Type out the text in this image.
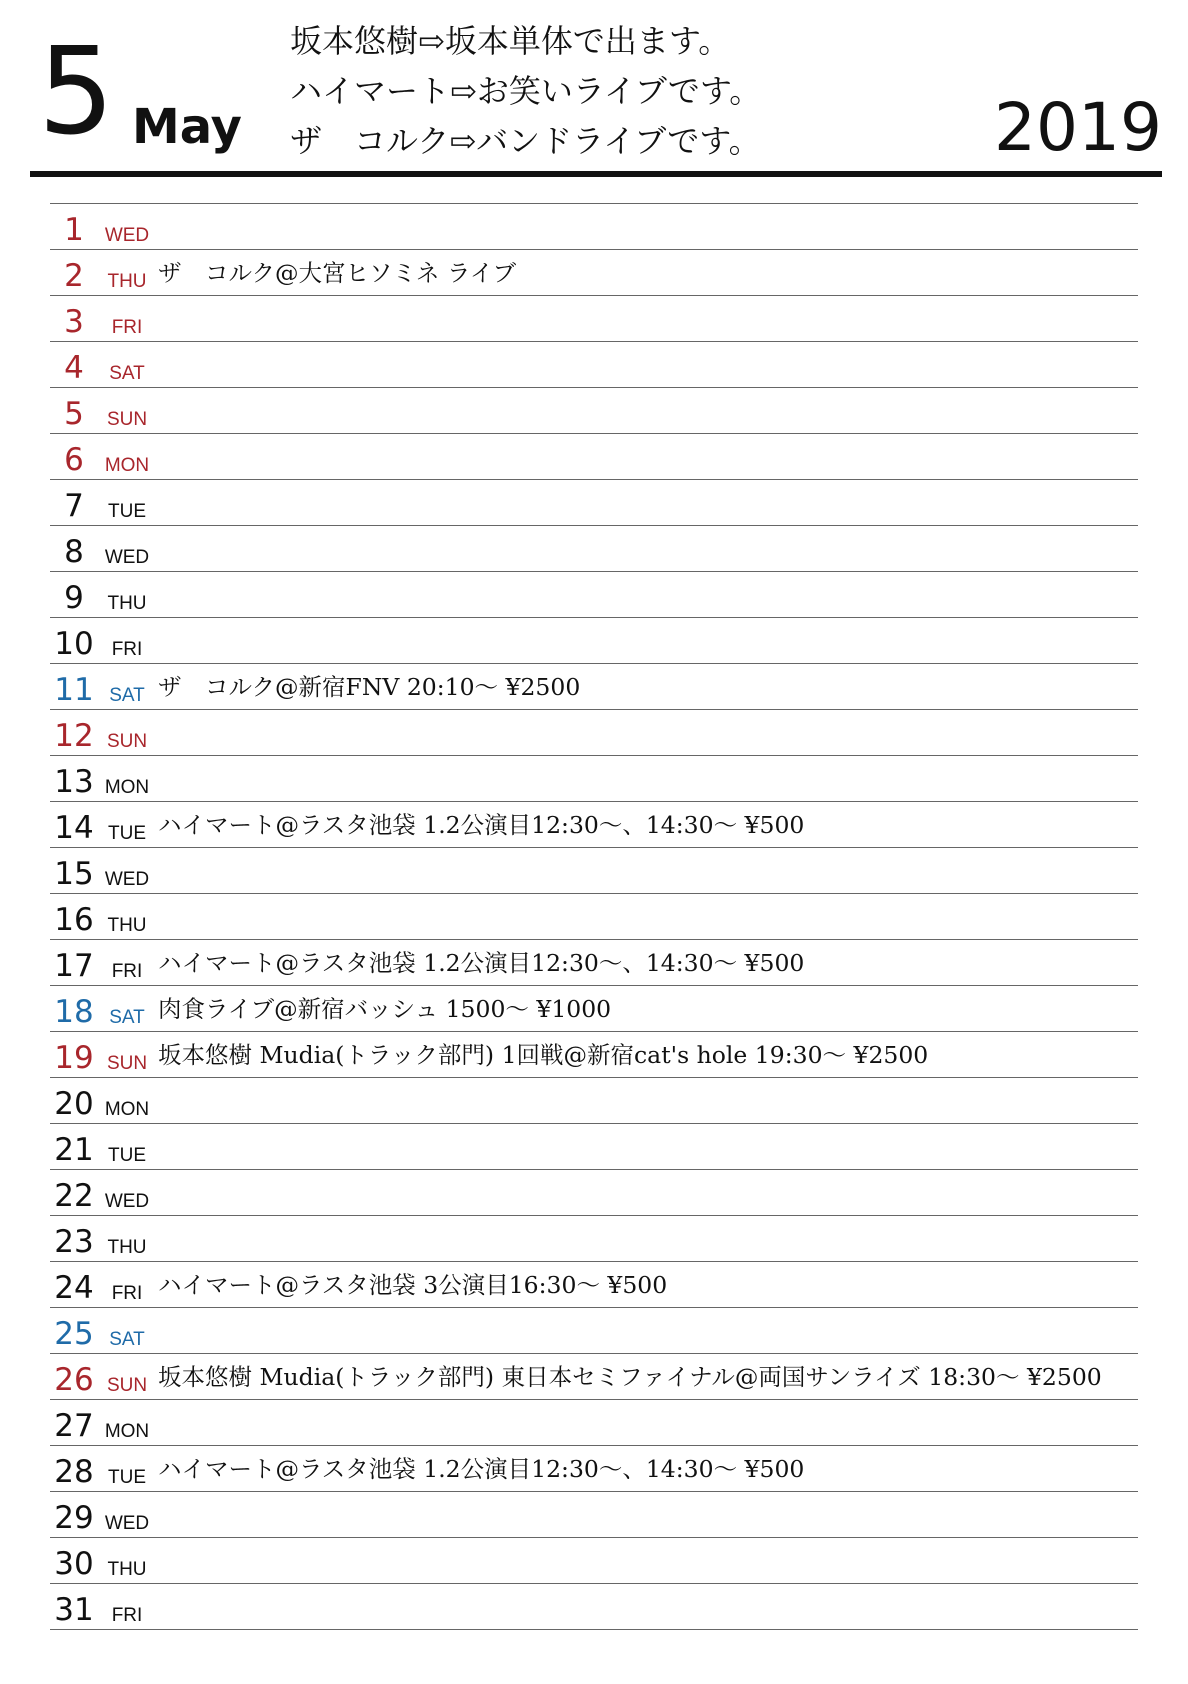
5 May
坂本悠樹⇨坂本単体で出ます。
ハイマート⇨お笑いライブです。
ザ　コルク⇨バンドライブです。	2019
1	WED
2	THU ザ　コルク@大宮ヒソミネ ライブ
3	FRI
4	SAT
5	SUN
6	MON
7	TUE
8	WED
9	THU
10 FRI
11 SAT ザ　コルク@新宿FNV 20:10〜 ¥2500
12 SUN
13 MON
14 TUE ハイマート@ラスタ池袋 1.2公演目12:30〜、14:30〜 ¥500
15 WED
16 THU
17 FRI ハイマート@ラスタ池袋 1.2公演目12:30〜、14:30〜 ¥500
18 SAT 肉食ライブ@新宿バッシュ 1500〜 ¥1000
19 SUN 坂本悠樹 Mudia(トラック部門) 1回戦@新宿cat's hole 19:30〜 ¥2500
20 MON
21 TUE
22 WED
23 THU
24 FRI ハイマート@ラスタ池袋 3公演目16:30〜 ¥500
25 SAT
26 SUN 坂本悠樹 Mudia(トラック部門) 東日本セミファイナル@両国サンライズ 18:30〜 ¥2500
27 MON
28 TUE ハイマート@ラスタ池袋 1.2公演目12:30〜、14:30〜 ¥500
29 WED
30 THU
31 FRI
